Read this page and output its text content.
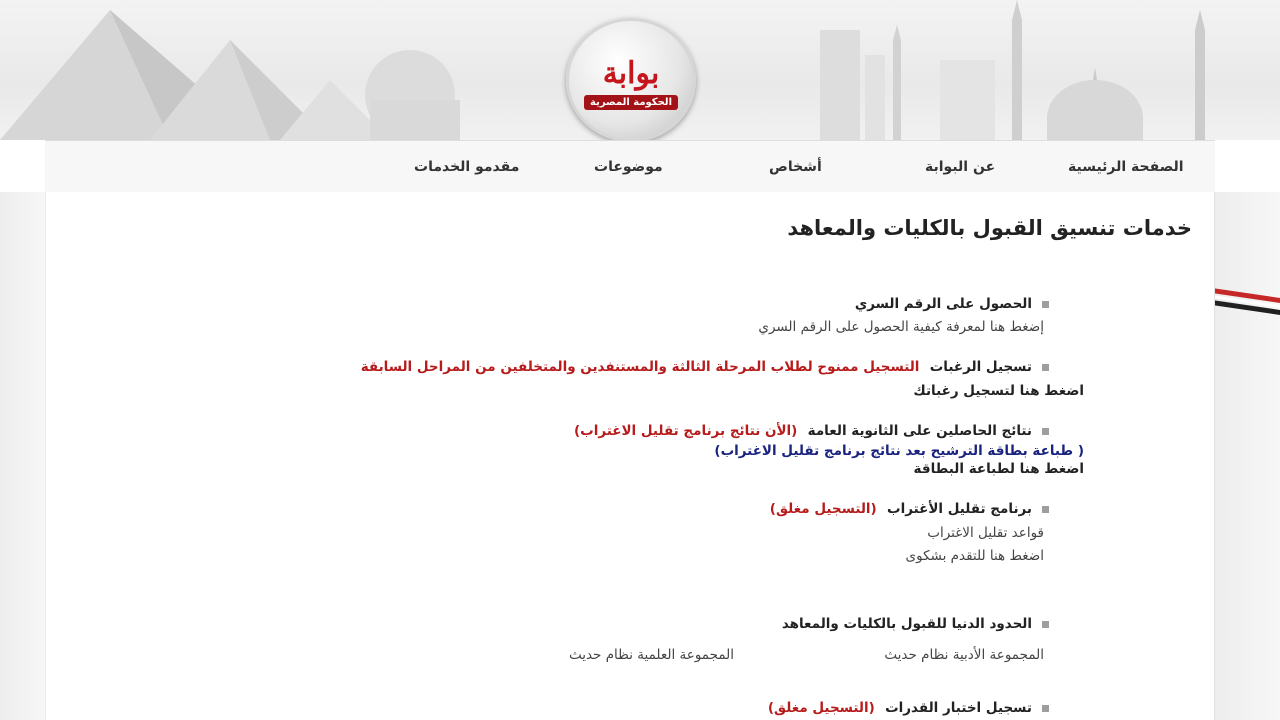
بوابة
الحكومة المصرية
الصفحة الرئيسية
عن البوابة
أشخاص
موضوعات
مقدمو الخدمات
خدمات تنسيق القبول بالكليات والمعاهد
الحصول على الرقم السري
إضغط هنا لمعرفة كيفية الحصول على الرقم السري
تسجيل الرغبات التسجيل ممنوح لطلاب المرحلة الثالثة والمستنفدين والمتخلفين من المراحل السابقة
اضغط هنا لتسجيل رغباتك
نتائج الحاصلين على الثانوية العامة (الأن نتائج برنامج تقليل الاغتراب)
( طباعة بطاقة الترشيح بعد نتائج برنامج تقليل الاغتراب)
اضغط هنا لطباعة البطاقة
برنامج تقليل الأغتراب (التسجيل مغلق)
قواعد تقليل الاغتراب
اضغط هنا للتقدم بشكوى
الحدود الدنيا للقبول بالكليات والمعاهد
المجموعة الأدبية نظام حديث
المجموعة العلمية نظام حديث
تسجيل اختبار القدرات (التسجيل مغلق)
